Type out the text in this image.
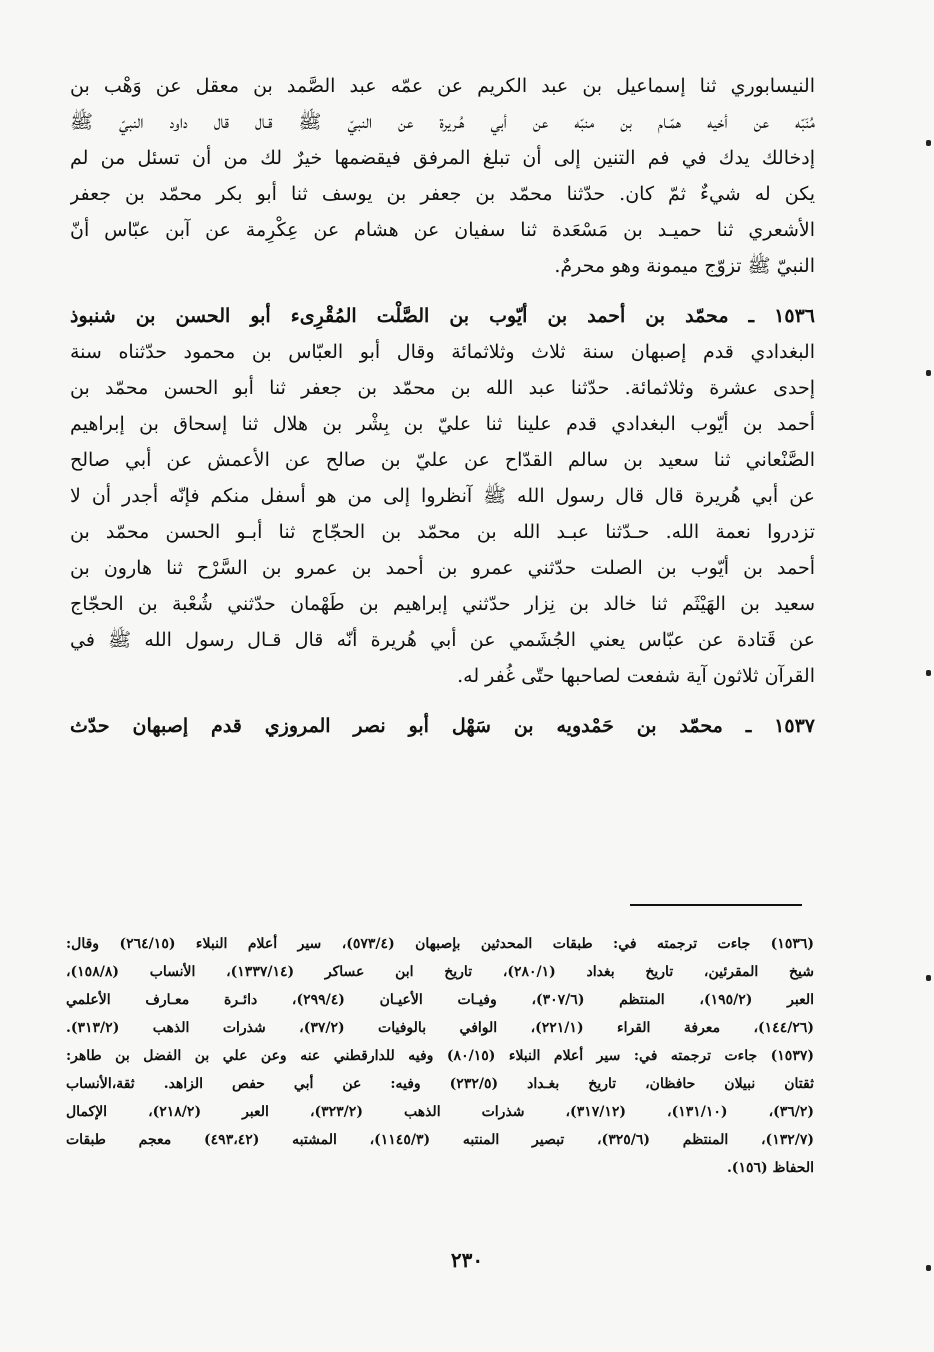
النيسابوري ثنا إسماعيل بن عبد الكريم عن عمّه عبد الصَّمد بن معقل عن وَهْب بن
مُنَبّه عن أخيه همّـام بن منبّه عن أبي هُـريرة عن النبيّ ﷺ قـال قال داود النبيّ ﷺ
إدخالك يدك في فم التنين إلى أن تبلغ المرفق فيقضمها خيرٌ لك من أن تسئل من لم
يكن له شيءٌ ثمّ كان. حدّثنا محمّد بن جعفر بن يوسف ثنا أبو بكر محمّد بن جعفر
الأشعري ثنا حميـد بن مَسْعَدة ثنا سفيان عن هشام عن عِكْرِمة عن آبن عبّاس أنّ
النبيّ ﷺ تزوّج ميمونة وهو محرمٌ.
١٥٣٦ ـ محمّد بن أحمد بن أيّوب بن الصَّلْت المُقْرِىء أبو الحسن بن شنبوذ
البغدادي قدم إصبهان سنة ثلاث وثلاثمائة وقال أبو العبّاس بن محمود حدّثناه سنة
إحدى عشرة وثلاثمائة. حدّثنا عبد الله بن محمّد بن جعفر ثنا أبو الحسن محمّد بن
أحمد بن أيّوب البغدادي قدم علينا ثنا عليّ بن بِشْر بن هلال ثنا إسحاق بن إبراهيم
الصَّنْعاني ثنا سعيد بن سالم القدّاح عن عليّ بن صالح عن الأعمش عن أبي صالح
عن أبي هُريرة قال قال رسول الله ﷺ آنظروا إلى من هو أسفل منكم فإنّه أجدر أن لا
تزدروا نعمة الله. حـدّثنا عبـد الله بن محمّد بن الحجّاج ثنا أبـو الحسن محمّد بن
أحمد بن أيّوب بن الصلت حدّثني عمرو بن أحمد بن عمرو بن السَّرْح ثنا هارون بن
سعيد بن الهَيْثَم ثنا خالد بن نِزار حدّثني إبراهيم بن طَهْمان حدّثني شُعْبة بن الحجّاج
عن قَتادة عن عبّاس يعني الجُشَمي عن أبي هُريرة أنّه قال قـال رسول الله ﷺ في
القرآن ثلاثون آية شفعت لصاحبها حتّى غُفر له.
١٥٣٧ ـ محمّد بن حَمْدويه بن سَهْل أبو نصر المروزي قدم إصبهان حدّث
(١٥٣٦) جاءت ترجمته في: طبقات المحدثين بإصبهان (٥٧٣/٤)، سير أعلام النبلاء (٢٦٤/١٥) وقال:
شيخ المقرئين، تاريخ بغداد (٢٨٠/١)، تاريخ ابن عساكر (١٣٣٧/١٤)، الأنساب (١٥٨/٨)،
العبر (١٩٥/٢)، المنتظم (٣٠٧/٦)، وفيـات الأعيـان (٢٩٩/٤)، دائـرة معـارف الأعلمي
(١٤٤/٢٦)، معرفة القراء (٢٢١/١)، الوافي بالوفيات (٣٧/٢)، شذرات الذهب (٣١٣/٢).
(١٥٣٧) جاءت ترجمته في: سير أعلام النبلاء (٨٠/١٥) وفيه للدارقطني عنه وعن علي بن الفضل بن طاهر:
ثقتان نبيلان حافظان، تاريخ بغـداد (٢٣٢/٥) وفيه: عن أبي حفص الزاهد. ثقة،الأنساب
(٣٦/٢)، (١٣١/١٠)، (٣١٧/١٢)، شذرات الذهب (٣٢٣/٢)، العبر (٢١٨/٢)، الإكمال
(١٣٢/٧)، المنتظم (٣٢٥/٦)، تبصير المنتبه (١١٤٥/٣)، المشتبه (٤٩٣،٤٢) معجم طبقات
الحفاظ (١٥٦).
٢٣٠
